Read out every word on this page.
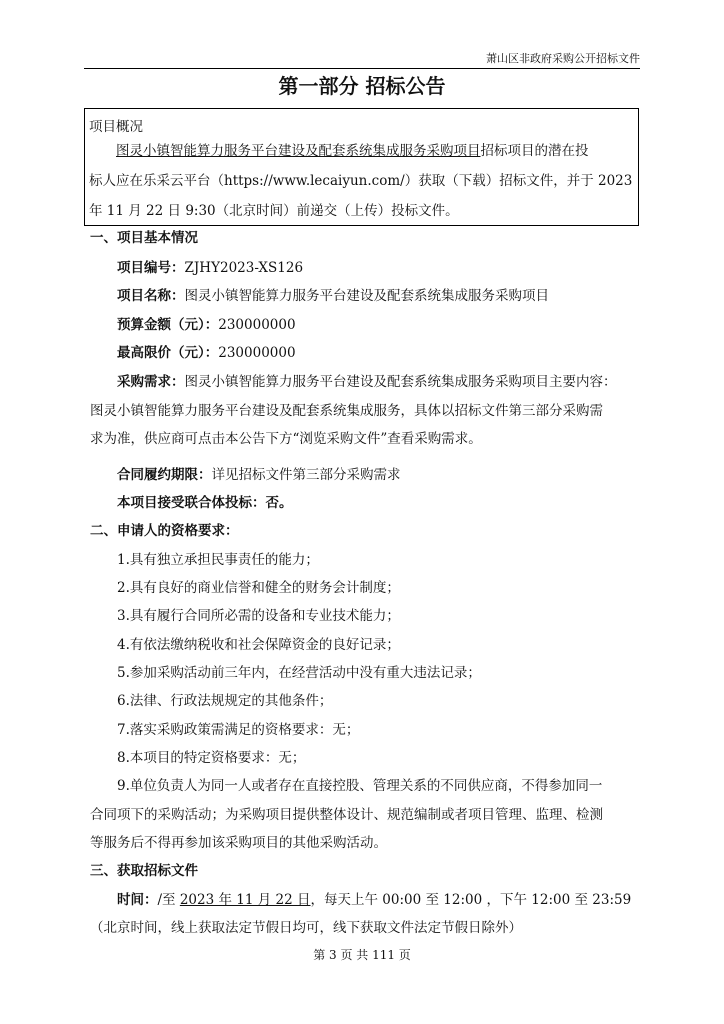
萧山区非政府采购公开招标文件
第一部分 招标公告
项目概况
图灵小镇智能算力服务平台建设及配套系统集成服务采购项目招标项目的潜在投
标人应在乐采云平台（https://www.lecaiyun.com/）获取（下载）招标文件，并于 2023
年 11 月 22 日 9:30（北京时间）前递交（上传）投标文件。
一、项目基本情况
项目编号：ZJHY2023-XS126
项目名称：图灵小镇智能算力服务平台建设及配套系统集成服务采购项目
预算金额（元）：230000000
最高限价（元）：230000000
采购需求：图灵小镇智能算力服务平台建设及配套系统集成服务采购项目主要内容：
图灵小镇智能算力服务平台建设及配套系统集成服务，具体以招标文件第三部分采购需
求为准，供应商可点击本公告下方“浏览采购文件”查看采购需求。
合同履约期限：详见招标文件第三部分采购需求
本项目接受联合体投标：否。
二、申请人的资格要求：
1.具有独立承担民事责任的能力；
2.具有良好的商业信誉和健全的财务会计制度；
3.具有履行合同所必需的设备和专业技术能力；
4.有依法缴纳税收和社会保障资金的良好记录；
5.参加采购活动前三年内，在经营活动中没有重大违法记录；
6.法律、行政法规规定的其他条件；
7.落实采购政策需满足的资格要求：无；
8.本项目的特定资格要求：无；
9.单位负责人为同一人或者存在直接控股、管理关系的不同供应商，不得参加同一
合同项下的采购活动；为采购项目提供整体设计、规范编制或者项目管理、监理、检测
等服务后不得再参加该采购项目的其他采购活动。
三、获取招标文件
时间：/至 2023 年 11 月 22 日，每天上午 00:00 至 12:00 ，下午 12:00 至 23:59
（北京时间，线上获取法定节假日均可，线下获取文件法定节假日除外）
第 3 页 共 111 页
